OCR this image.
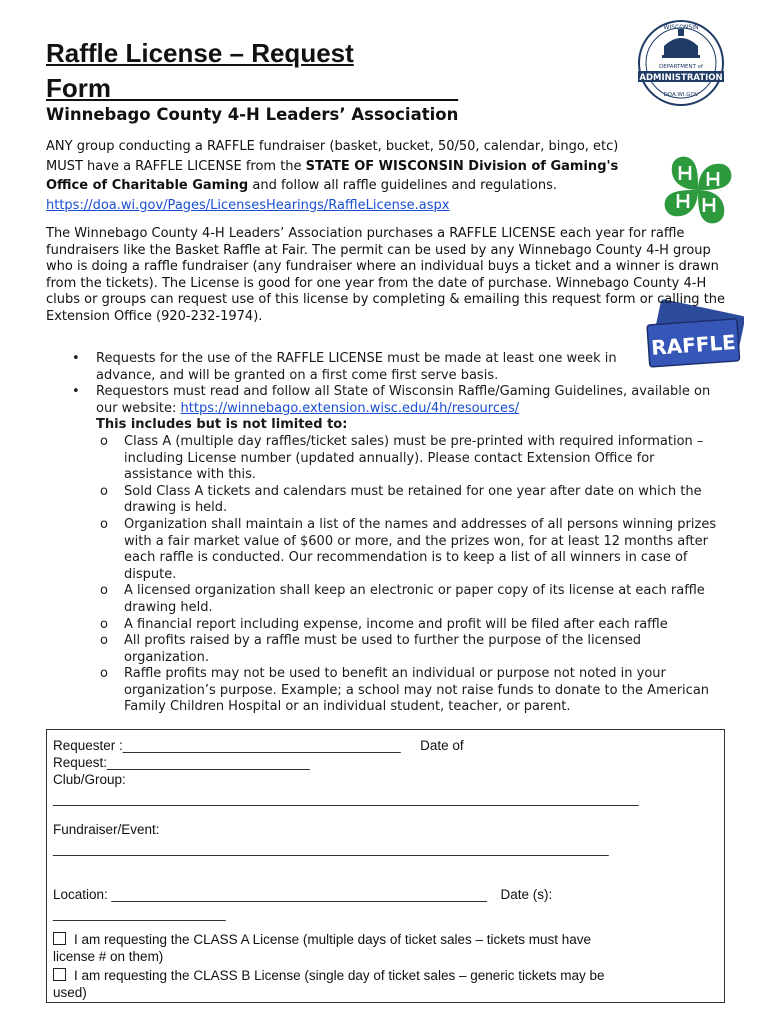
Raffle License – Request
Form________________________
WISCONSIN
DEPARTMENT of
ADMINISTRATION
DOA.WI.GOV
RAFFLE
Winnebago County 4-H Leaders’ Association
ANY group conducting a RAFFLE fundraiser (basket, bucket, 50/50, calendar, bingo, etc) MUST have a RAFFLE LICENSE from the STATE OF WISCONSIN Division of Gaming's Office of Charitable Gaming and follow all raffle guidelines and regulations. https://doa.wi.gov/Pages/LicensesHearings/RaffleLicense.aspx
The Winnebago County 4-H Leaders’ Association purchases a RAFFLE LICENSE each year for raffle fundraisers like the Basket Raffle at Fair. The permit can be used by any Winnebago County 4-H group who is doing a raffle fundraiser (any fundraiser where an individual buys a ticket and a winner is drawn from the tickets). The License is good for one year from the date of purchase. Winnebago County 4-H clubs or groups can request use of this license by completing & emailing this request form or calling the Extension Office (920-232-1974).
• Requests for the use of the RAFFLE LICENSE must be made at least one week in advance, and will be granted on a first come first serve basis.
• Requestors must read and follow all State of Wisconsin Raffle/Gaming Guidelines, available on our website: https://winnebago.extension.wisc.edu/4h/resources/
This includes but is not limited to:
o Class A (multiple day raffles/ticket sales) must be pre-printed with required information – including License number (updated annually). Please contact Extension Office for assistance with this.
o Sold Class A tickets and calendars must be retained for one year after date on which the drawing is held.
o Organization shall maintain a list of the names and addresses of all persons winning prizes with a fair market value of $600 or more, and the prizes won, for at least 12 months after each raffle is conducted. Our recommendation is to keep a list of all winners in case of dispute.
o A licensed organization shall keep an electronic or paper copy of its license at each raffle drawing held.
o A financial report including expense, income and profit will be filed after each raffle
o All profits raised by a raffle must be used to further the purpose of the licensed organization.
o Raffle profits may not be used to benefit an individual or purpose not noted in your organization’s purpose. Example; a school may not raise funds to donate to the American Family Children Hospital or an individual student, teacher, or parent.
Requester :_____________________________________ Date of
Request:___________________________
Club/Group:
______________________________________________________________________________
Fundraiser/Event:
__________________________________________________________________________
Location: __________________________________________________ Date (s):
_______________________
I am requesting the CLASS A License (multiple days of ticket sales – tickets must have
license # on them)
I am requesting the CLASS B License (single day of ticket sales – generic tickets may be
used)
